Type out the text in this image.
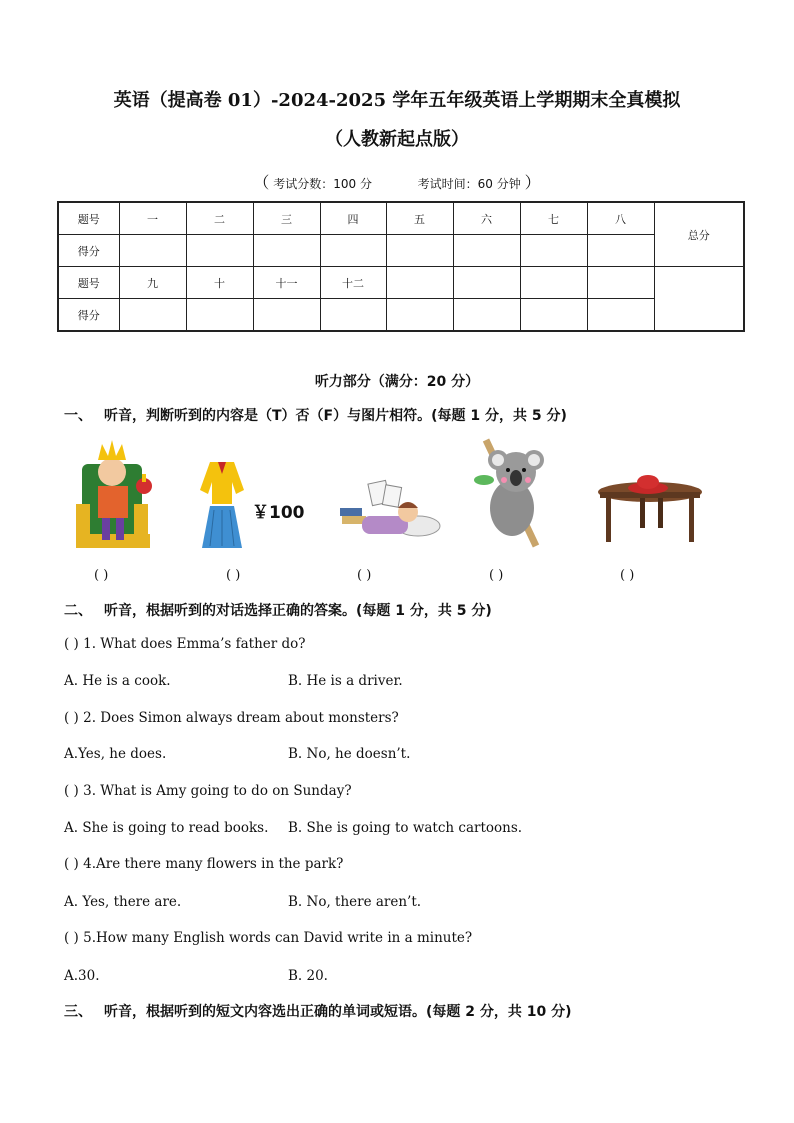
英语（提高卷 01）-2024-2025 学年五年级英语上学期期末全真模拟
（人教新起点版）
（ 考试分数：100 分	考试时间：60 分钟 ）
题号	一	二	三	四	五	六	七	八	总分
得分									
题号	九	十	十一	十二					
得分									
听力部分（满分：20 分）
一、 听音，判断听到的内容是（T）否（F）与图片相符。(每题 1 分，共 5 分)
￥100
( )	( )	( )	( )	( )
二、 听音，根据听到的对话选择正确的答案。(每题 1 分，共 5 分)
( ) 1. What does Emma’s father do?
A. He is a cook.	B. He is a driver.
( ) 2. Does Simon always dream about monsters?
A.Yes, he does.	B. No, he doesn’t.
( ) 3. What is Amy going to do on Sunday?
A. She is going to read books. B. She is going to watch cartoons.
( ) 4.Are there many flowers in the park?
A. Yes, there are.	B. No, there aren’t.
( ) 5.How many English words can David write in a minute?
A.30.	B. 20.
三、 听音，根据听到的短文内容选出正确的单词或短语。(每题 2 分，共 10 分)
